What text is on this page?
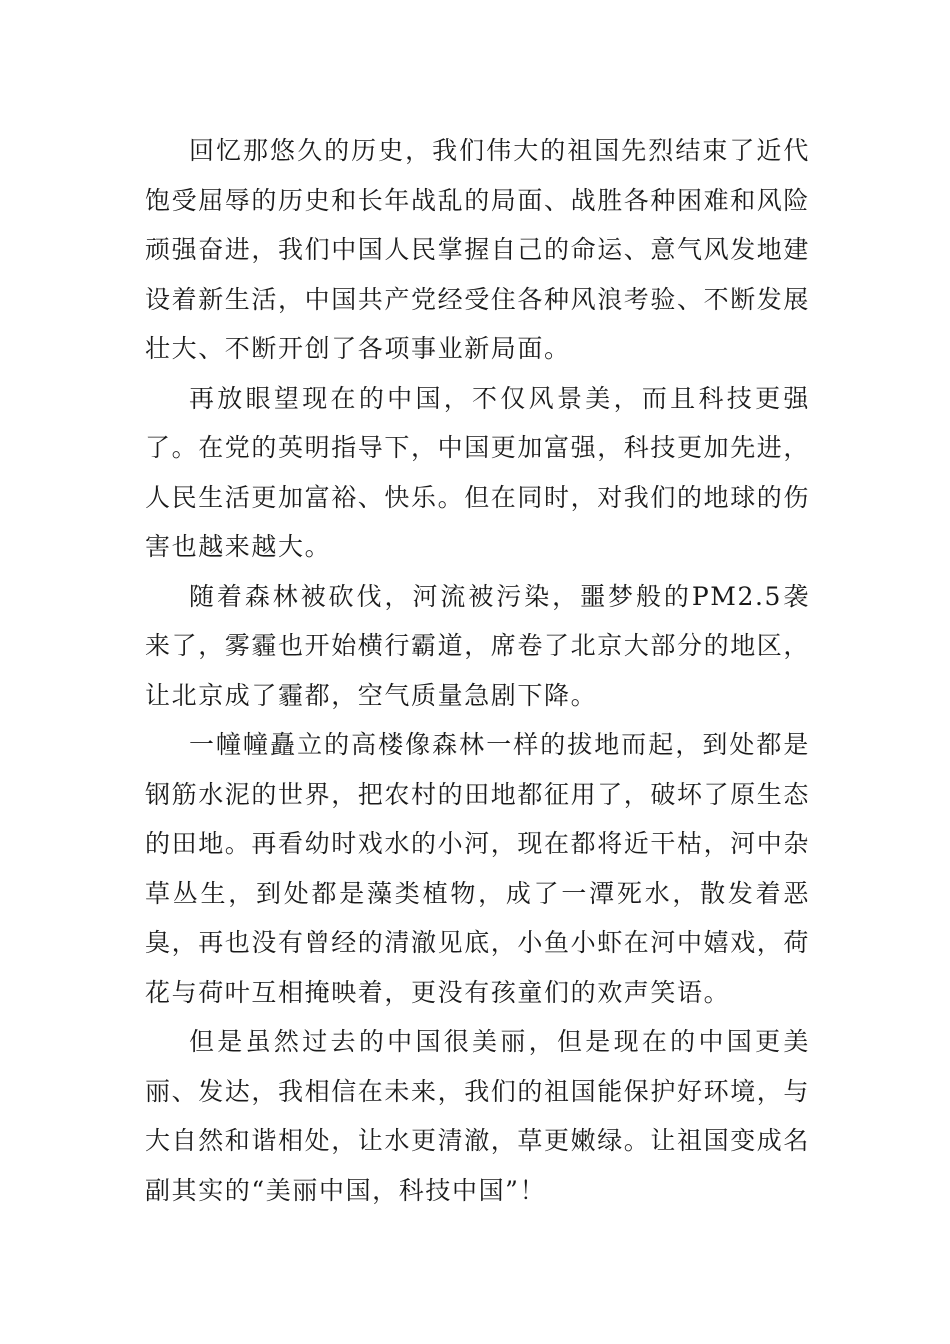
回忆那悠久的历史，我们伟大的祖国先烈结束了近代饱受屈辱的历史和长年战乱的局面、战胜各种困难和风险顽强奋进，我们中国人民掌握自己的命运、意气风发地建设着新生活，中国共产党经受住各种风浪考验、不断发展壮大、不断开创了各项事业新局面。

再放眼望现在的中国，不仅风景美，而且科技更强了。在党的英明指导下，中国更加富强，科技更加先进，人民生活更加富裕、快乐。但在同时，对我们的地球的伤害也越来越大。

随着森林被砍伐，河流被污染，噩梦般的PM2.5袭来了，雾霾也开始横行霸道，席卷了北京大部分的地区，让北京成了霾都，空气质量急剧下降。

一幢幢矗立的高楼像森林一样的拔地而起，到处都是钢筋水泥的世界，把农村的田地都征用了，破坏了原生态的田地。再看幼时戏水的小河，现在都将近干枯，河中杂草丛生，到处都是藻类植物，成了一潭死水，散发着恶臭，再也没有曾经的清澈见底，小鱼小虾在河中嬉戏，荷花与荷叶互相掩映着，更没有孩童们的欢声笑语。

但是虽然过去的中国很美丽，但是现在的中国更美丽、发达，我相信在未来，我们的祖国能保护好环境，与大自然和谐相处，让水更清澈，草更嫩绿。让祖国变成名副其实的“美丽中国，科技中国”！
